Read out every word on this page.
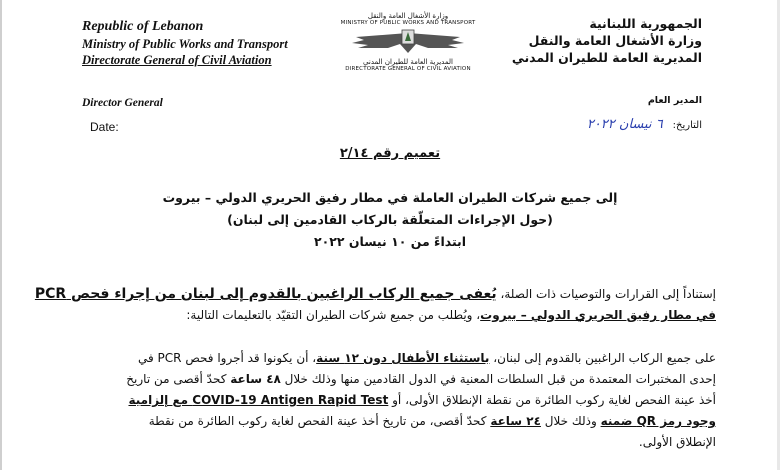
Republic of Lebanon
Ministry of Public Works and Transport
Directorate General of Civil Aviation
وزارة الأشغال العامة والنقل
MINISTRY OF PUBLIC WORKS AND TRANSPORT
المديرية العامة للطيران المدني
DIRECTORATE GENERAL OF CIVIL AVIATION
الجمهورية اللبنانية
وزارة الأشغال العامة والنقل
المديرية العامة للطيران المدني
Director General
Date:
المدير العام
التاريخ:
٦ نيسان ٢٠٢٢
تعميم رقم ٢/١٤
إلى جميع شركات الطيران العاملة في مطار رفيق الحريري الدولي – بيروت
(حول الإجراءات المتعلّقة بالركاب القادمين إلى لبنان)
ابتداءً من ١٠ نيسان ٢٠٢٢
إستناداً إلى القرارات والتوصيات ذات الصلة، يُعفى جميع الركاب الراغبين بالقدوم إلى لبنان من إجراء فحص PCR
في مطار رفيق الحريري الدولي – بيروت، ويُطلب من جميع شركات الطيران التقيّد بالتعليمات التالية:
على جميع الركاب الراغبين بالقدوم إلى لبنان، باستثناء الأطفال دون ١٢ سنة، أن يكونوا قد أجروا فحص PCR في
إحدى المختبرات المعتمدة من قبل السلطات المعنية في الدول القادمين منها وذلك خلال ٤٨ ساعة كحدّ أقصى من تاريخ
أخذ عينة الفحص لغاية ركوب الطائرة من نقطة الإنطلاق الأولى، أو COVID-19 Antigen Rapid Test مع إلزامية
وجود رمز QR ضمنه وذلك خلال ٢٤ ساعة كحدّ أقصى، من تاريخ أخذ عينة الفحص لغاية ركوب الطائرة من نقطة
الإنطلاق الأولى.
